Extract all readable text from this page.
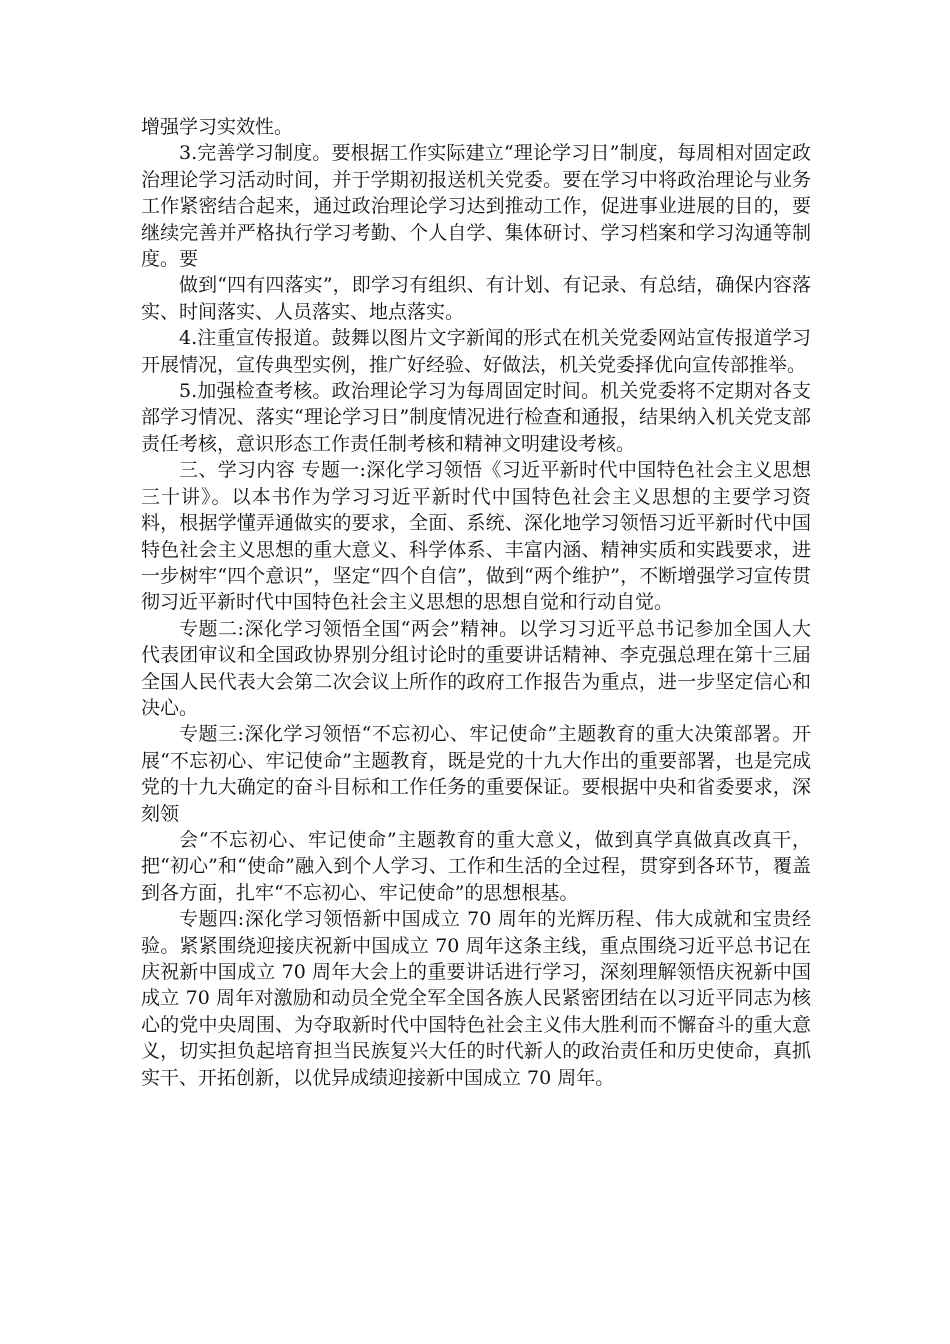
增强学习实效性。

3.完善学习制度。要根据工作实际建立“理论学习日”制度，每周相对固定政治理论学习活动时间，并于学期初报送机关党委。要在学习中将政治理论与业务工作紧密结合起来，通过政治理论学习达到推动工作，促进事业进展的目的，要继续完善并严格执行学习考勤、个人自学、集体研讨、学习档案和学习沟通等制度。要

做到“四有四落实”，即学习有组织、有计划、有记录、有总结，确保内容落实、时间落实、人员落实、地点落实。

4.注重宣传报道。鼓舞以图片文字新闻的形式在机关党委网站宣传报道学习开展情况，宣传典型实例，推广好经验、好做法，机关党委择优向宣传部推举。

5.加强检查考核。政治理论学习为每周固定时间。机关党委将不定期对各支部学习情况、落实“理论学习日”制度情况进行检查和通报，结果纳入机关党支部责任考核，意识形态工作责任制考核和精神文明建设考核。

三、学习内容 专题一:深化学习领悟《习近平新时代中国特色社会主义思想三十讲》。以本书作为学习习近平新时代中国特色社会主义思想的主要学习资料，根据学懂弄通做实的要求，全面、系统、深化地学习领悟习近平新时代中国特色社会主义思想的重大意义、科学体系、丰富内涵、精神实质和实践要求，进一步树牢“四个意识”，坚定“四个自信”，做到“两个维护”，不断增强学习宣传贯彻习近平新时代中国特色社会主义思想的思想自觉和行动自觉。

专题二:深化学习领悟全国“两会”精神。以学习习近平总书记参加全国人大代表团审议和全国政协界别分组讨论时的重要讲话精神、李克强总理在第十三届全国人民代表大会第二次会议上所作的政府工作报告为重点，进一步坚定信心和决心。

专题三:深化学习领悟“不忘初心、牢记使命”主题教育的重大决策部署。开展“不忘初心、牢记使命”主题教育，既是党的十九大作出的重要部署，也是完成党的十九大确定的奋斗目标和工作任务的重要保证。要根据中央和省委要求，深刻领

会“不忘初心、牢记使命”主题教育的重大意义，做到真学真做真改真干，把“初心”和“使命”融入到个人学习、工作和生活的全过程，贯穿到各环节，覆盖到各方面，扎牢“不忘初心、牢记使命”的思想根基。

专题四:深化学习领悟新中国成立 70 周年的光辉历程、伟大成就和宝贵经验。紧紧围绕迎接庆祝新中国成立 70 周年这条主线，重点围绕习近平总书记在庆祝新中国成立 70 周年大会上的重要讲话进行学习，深刻理解领悟庆祝新中国成立 70 周年对激励和动员全党全军全国各族人民紧密团结在以习近平同志为核心的党中央周围、为夺取新时代中国特色社会主义伟大胜利而不懈奋斗的重大意义，切实担负起培育担当民族复兴大任的时代新人的政治责任和历史使命，真抓实干、开拓创新，以优异成绩迎接新中国成立 70 周年。
